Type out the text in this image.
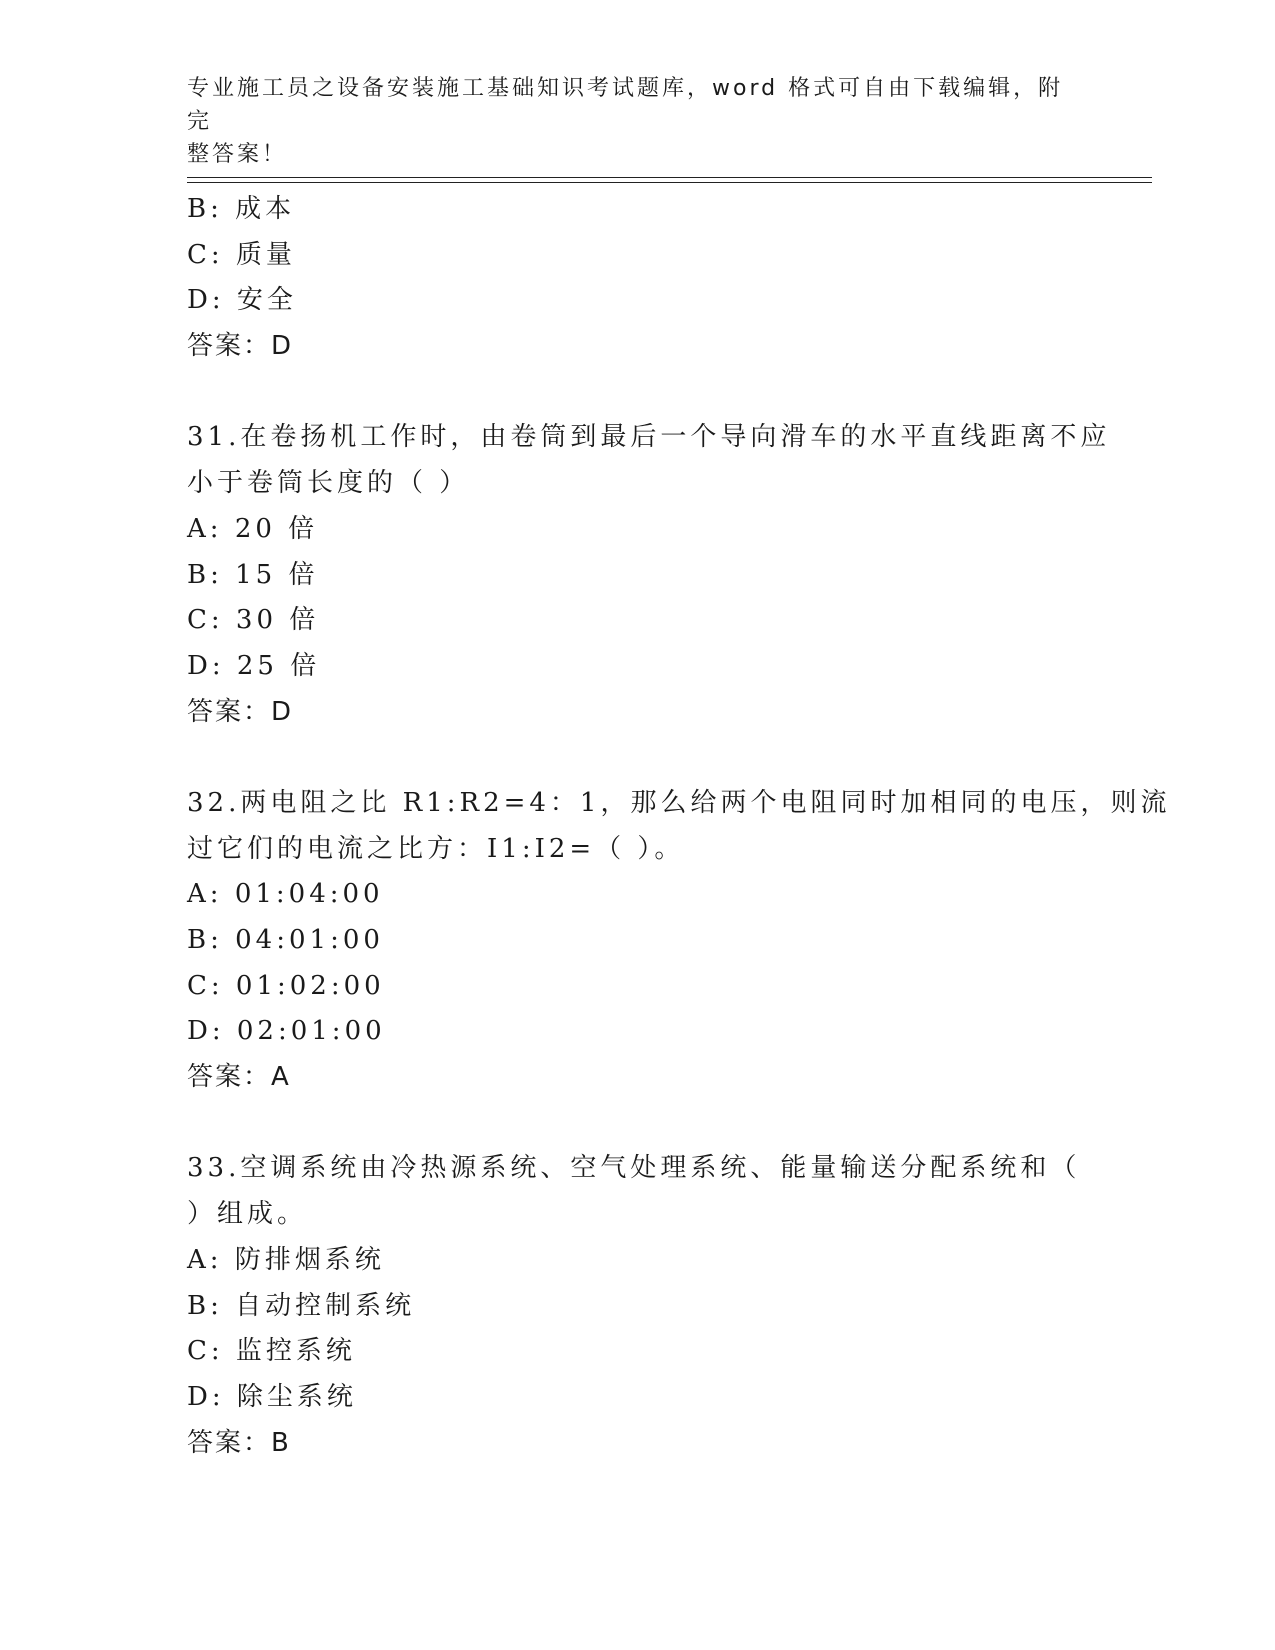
专业施工员之设备安装施工基础知识考试题库，word 格式可自由下载编辑，附完
整答案！
B: 成本
C: 质量
D: 安全
答案：D
31.在卷扬机工作时，由卷筒到最后一个导向滑车的水平直线距离不应
小于卷筒长度的（ ）
A: 20 倍
B: 15 倍
C: 30 倍
D: 25 倍
答案：D
32.两电阻之比 R1:R2=4：1，那么给两个电阻同时加相同的电压，则流
过它们的电流之比方：I1:I2=（ ）。
A: 01:04:00
B: 04:01:00
C: 01:02:00
D: 02:01:00
答案：A
33.空调系统由冷热源系统、空气处理系统、能量输送分配系统和（
）组成。
A: 防排烟系统
B: 自动控制系统
C: 监控系统
D: 除尘系统
答案：B
